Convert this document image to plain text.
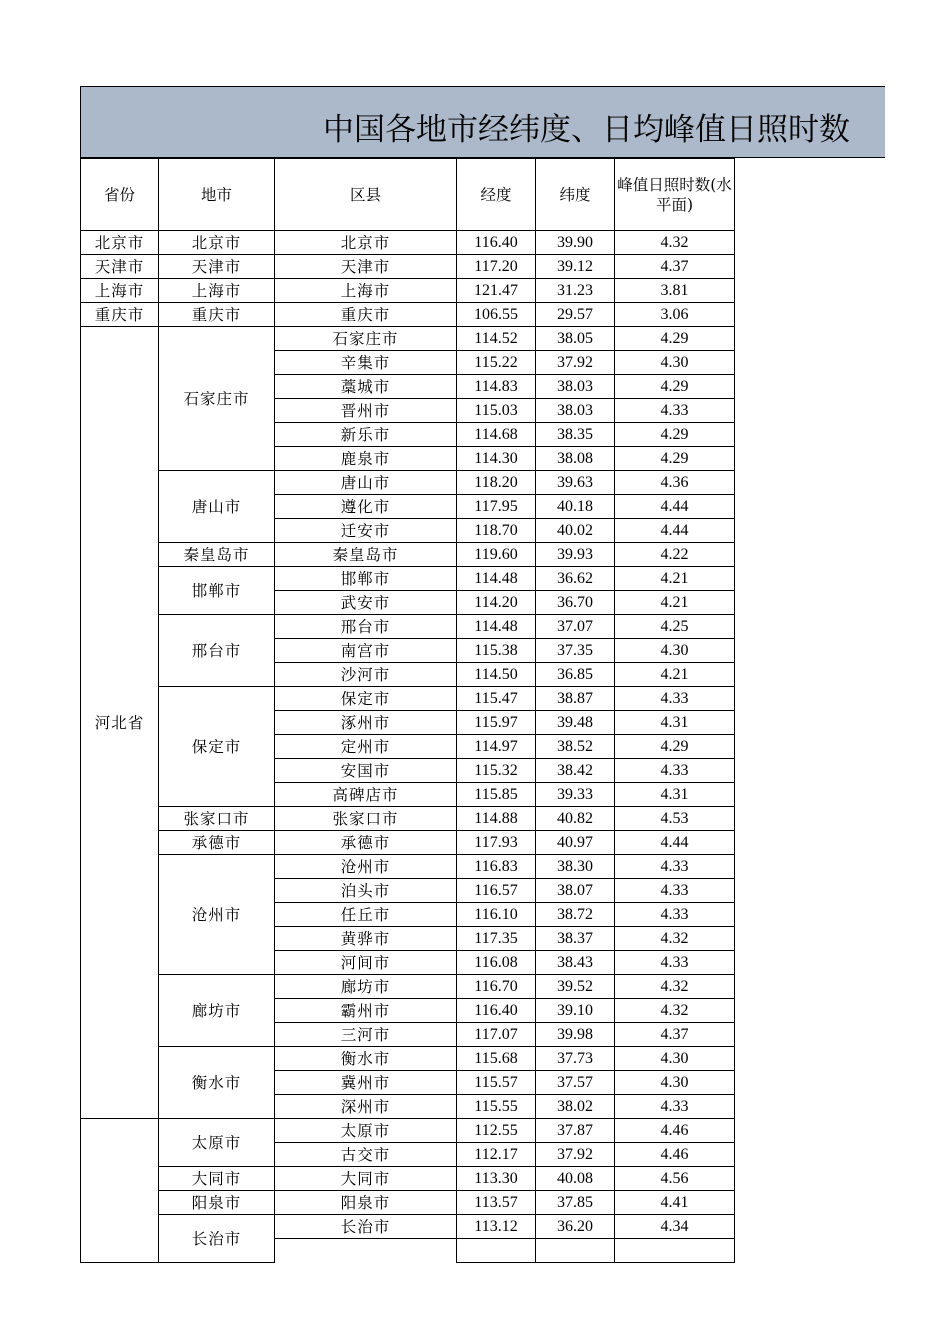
中国各地市经纬度、日均峰值日照时数
省份	地市	区县	经度	纬度	峰值日照时数(水平面)
北京市	北京市	北京市	116.40	39.90	4.32
天津市	天津市	天津市	117.20	39.12	4.37
上海市	上海市	上海市	121.47	31.23	3.81
重庆市	重庆市	重庆市	106.55	29.57	3.06
河北省	石家庄市	石家庄市	114.52	38.05	4.29
		辛集市	115.22	37.92	4.30
		藁城市	114.83	38.03	4.29
		晋州市	115.03	38.03	4.33
		新乐市	114.68	38.35	4.29
		鹿泉市	114.30	38.08	4.29
	唐山市	唐山市	118.20	39.63	4.36
		遵化市	117.95	40.18	4.44
		迁安市	118.70	40.02	4.44
	秦皇岛市	秦皇岛市	119.60	39.93	4.22
	邯郸市	邯郸市	114.48	36.62	4.21
		武安市	114.20	36.70	4.21
	邢台市	邢台市	114.48	37.07	4.25
		南宫市	115.38	37.35	4.30
		沙河市	114.50	36.85	4.21
	保定市	保定市	115.47	38.87	4.33
		涿州市	115.97	39.48	4.31
		定州市	114.97	38.52	4.29
		安国市	115.32	38.42	4.33
		高碑店市	115.85	39.33	4.31
	张家口市	张家口市	114.88	40.82	4.53
	承德市	承德市	117.93	40.97	4.44
	沧州市	沧州市	116.83	38.30	4.33
		泊头市	116.57	38.07	4.33
		任丘市	116.10	38.72	4.33
		黄骅市	117.35	38.37	4.32
		河间市	116.08	38.43	4.33
	廊坊市	廊坊市	116.70	39.52	4.32
		霸州市	116.40	39.10	4.32
		三河市	117.07	39.98	4.37
	衡水市	衡水市	115.68	37.73	4.30
		冀州市	115.57	37.57	4.30
		深州市	115.55	38.02	4.33
	太原市	太原市	112.55	37.87	4.46
		古交市	112.17	37.92	4.46
	大同市	大同市	113.30	40.08	4.56
	阳泉市	阳泉市	113.57	37.85	4.41
	长治市	长治市	113.12	36.20	4.34
